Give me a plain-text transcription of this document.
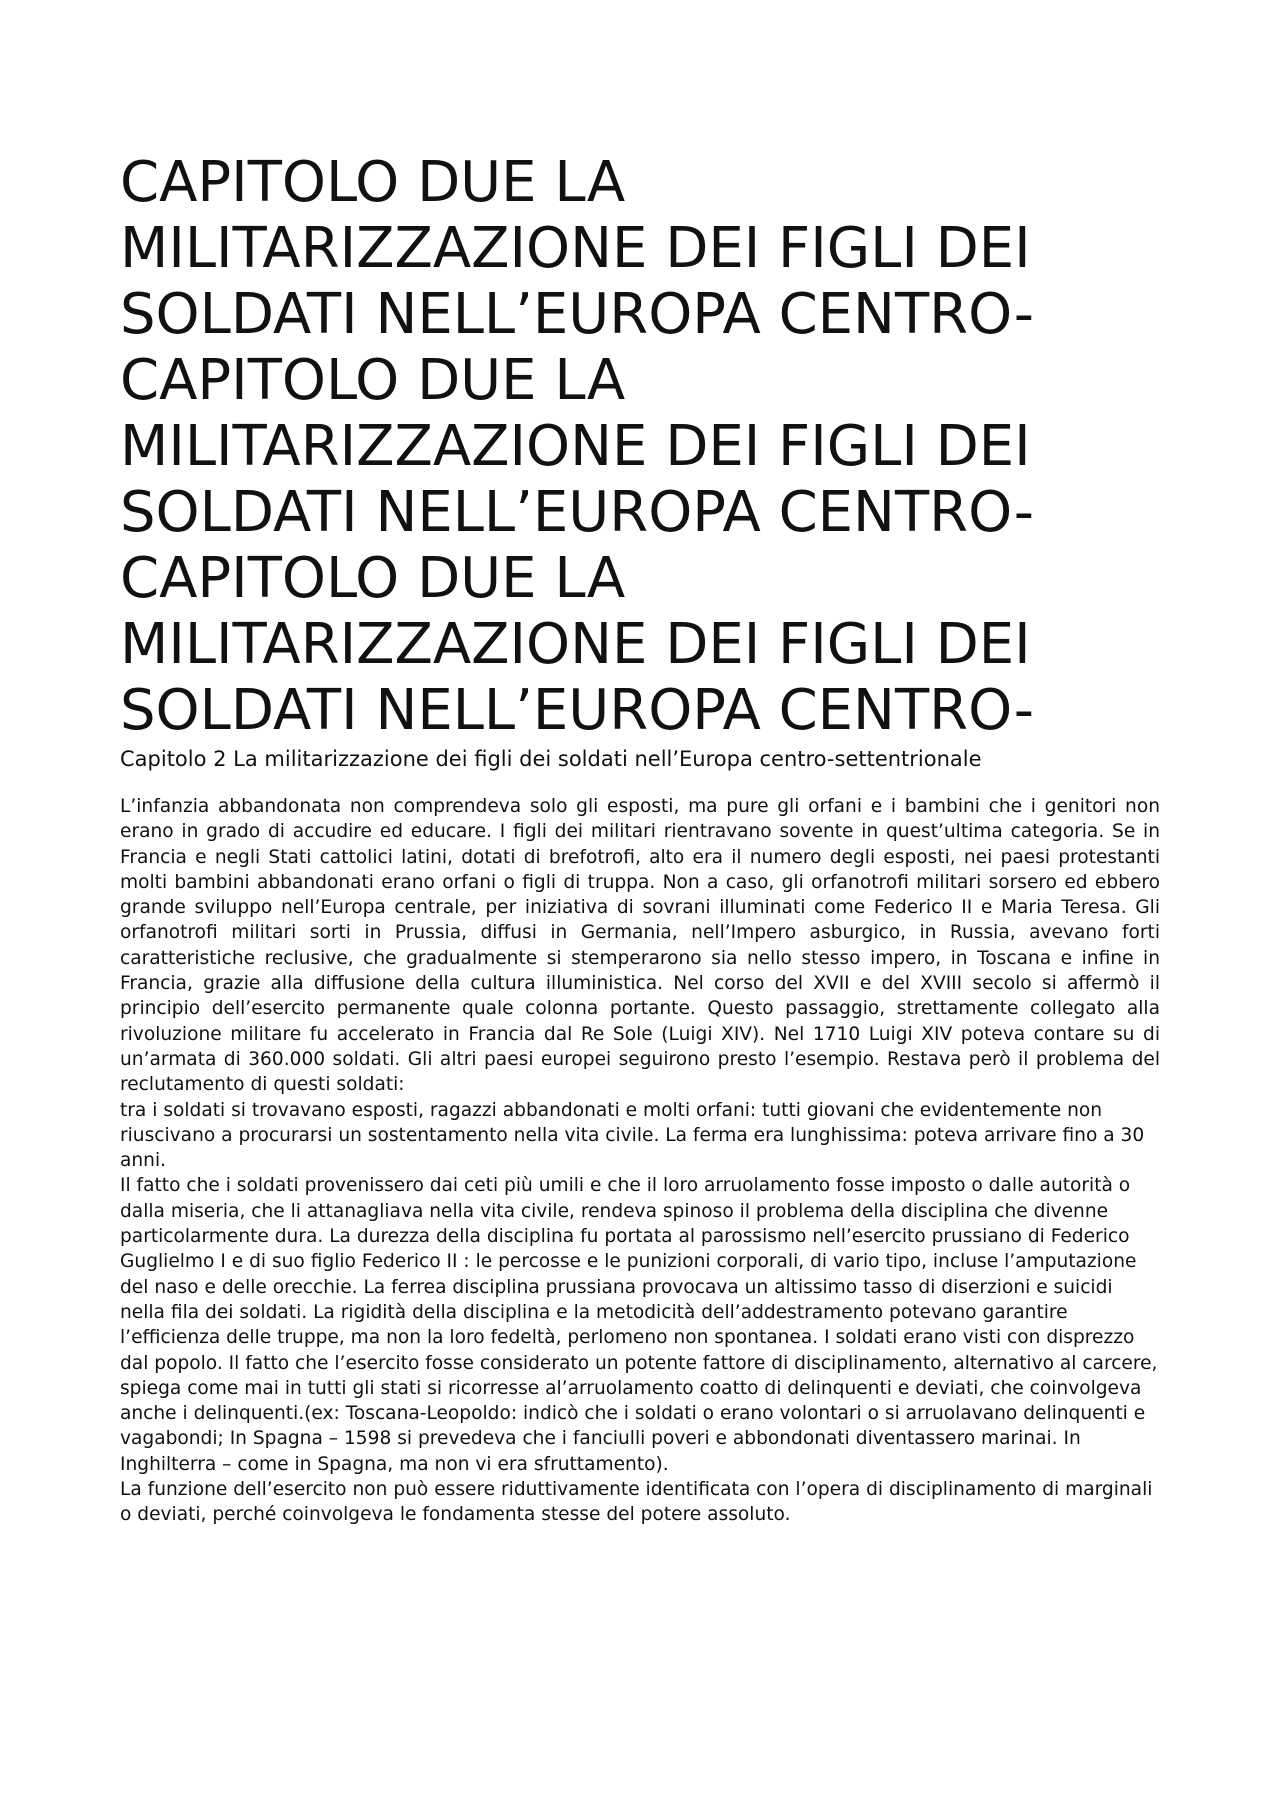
CAPITOLO DUE LA
MILITARIZZAZIONE DEI FIGLI DEI
SOLDATI NELL’EUROPA CENTRO-
CAPITOLO DUE LA
MILITARIZZAZIONE DEI FIGLI DEI
SOLDATI NELL’EUROPA CENTRO-
CAPITOLO DUE LA
MILITARIZZAZIONE DEI FIGLI DEI
SOLDATI NELL’EUROPA CENTRO-
Capitolo 2 La militarizzazione dei figli dei soldati nell’Europa centro-settentrionale

L’infanzia abbandonata non comprendeva solo gli esposti, ma pure gli orfani e i bambini che i genitori non erano in grado di accudire ed educare. I figli dei militari rientravano sovente in quest’ultima categoria. Se in Francia e negli Stati cattolici latini, dotati di brefotrofi, alto era il numero degli esposti, nei paesi protestanti molti bambini abbandonati erano orfani o figli di truppa. Non a caso, gli orfanotrofi militari sorsero ed ebbero grande sviluppo nell’Europa centrale, per iniziativa di sovrani illuminati come Federico II e Maria Teresa. Gli orfanotrofi militari sorti in Prussia, diffusi in Germania, nell’Impero asburgico, in Russia, avevano forti caratteristiche reclusive, che gradualmente si stemperarono sia nello stesso impero, in Toscana e infine in Francia, grazie alla diffusione della cultura illuministica. Nel corso del XVII e del XVIII secolo si affermò il principio dell’esercito permanente quale colonna portante. Questo passaggio, strettamente collegato alla rivoluzione militare fu accelerato in Francia dal Re Sole (Luigi XIV). Nel 1710 Luigi XIV poteva contare su di un’armata di 360.000 soldati. Gli altri paesi europei seguirono presto l’esempio. Restava però il problema del reclutamento di questi soldati:

tra i soldati si trovavano esposti, ragazzi abbandonati e molti orfani: tutti giovani che evidentemente non riuscivano a procurarsi un sostentamento nella vita civile. La ferma era lunghissima: poteva arrivare fino a 30 anni.

Il fatto che i soldati provenissero dai ceti più umili e che il loro arruolamento fosse imposto o dalle autorità o dalla miseria, che li attanagliava nella vita civile, rendeva spinoso il problema della disciplina che divenne particolarmente dura. La durezza della disciplina fu portata al parossismo nell’esercito prussiano di Federico Guglielmo I e di suo figlio Federico II : le percosse e le punizioni corporali, di vario tipo, incluse l’amputazione del naso e delle orecchie. La ferrea disciplina prussiana provocava un altissimo tasso di diserzioni e suicidi nella fila dei soldati. La rigidità della disciplina e la metodicità dell’addestramento potevano garantire l’efficienza delle truppe, ma non la loro fedeltà, perlomeno non spontanea. I soldati erano visti con disprezzo dal popolo. Il fatto che l’esercito fosse considerato un potente fattore di disciplinamento, alternativo al carcere, spiega come mai in tutti gli stati si ricorresse al’arruolamento coatto di delinquenti e deviati, che coinvolgeva anche i delinquenti.(ex: Toscana-Leopoldo: indicò che i soldati o erano volontari o si arruolavano delinquenti e vagabondi; In Spagna – 1598 si prevedeva che i fanciulli poveri e abbondonati diventassero marinai. In Inghilterra – come in Spagna, ma non vi era sfruttamento).

La funzione dell’esercito non può essere riduttivamente identificata con l’opera di disciplinamento di marginali o deviati, perché coinvolgeva le fondamenta stesse del potere assoluto.
